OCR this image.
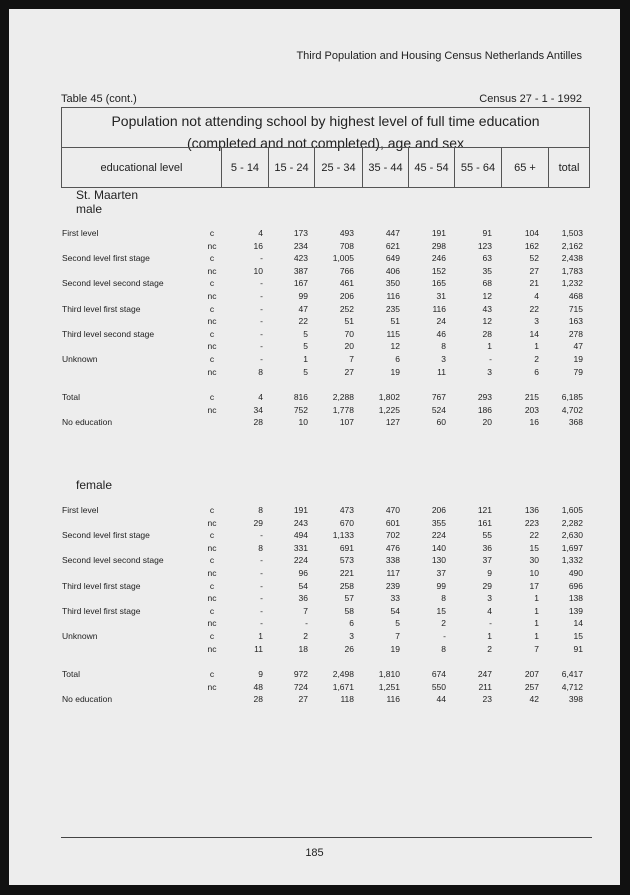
Third Population and Housing Census Netherlands Antilles
Table 45 (cont.)	Census 27 - 1 - 1992
Population not attending school by highest level of full time education
(completed and not completed), age and sex
educational level	5 - 14	15 - 24	25 - 34	35 - 44	45 - 54	55 - 64	65 +	total
St. Maarten
male
female
First level	c	4	173	493	447	191	91	104	1,503
nc	16	234	708	621	298	123	162	2,162
Second level first stage	c	-	423	1,005	649	246	63	52	2,438
nc	10	387	766	406	152	35	27	1,783
Second level second stage	c	-	167	461	350	165	68	21	1,232
nc	-	99	206	116	31	12	4	468
Third level first stage	c	-	47	252	235	116	43	22	715
nc	-	22	51	51	24	12	3	163
Third level second stage	c	-	5	70	115	46	28	14	278
nc	-	5	20	12	8	1	1	47
Unknown	c	-	1	7	6	3	-	2	19
nc	8	5	27	19	11	3	6	79
Total	c	4	816	2,288	1,802	767	293	215	6,185
nc	34	752	1,778	1,225	524	186	203	4,702
No education	28	10	107	127	60	20	16	368
First level	c	8	191	473	470	206	121	136	1,605
nc	29	243	670	601	355	161	223	2,282
Second level first stage	c	-	494	1,133	702	224	55	22	2,630
nc	8	331	691	476	140	36	15	1,697
Second level second stage	c	-	224	573	338	130	37	30	1,332
nc	-	96	221	117	37	9	10	490
Third level first stage	c	-	54	258	239	99	29	17	696
nc	-	36	57	33	8	3	1	138
Third level first stage	c	-	7	58	54	15	4	1	139
nc	-	-	6	5	2	-	1	14
Unknown	c	1	2	3	7	-	1	1	15
nc	11	18	26	19	8	2	7	91
Total	c	9	972	2,498	1,810	674	247	207	6,417
nc	48	724	1,671	1,251	550	211	257	4,712
No education	28	27	118	116	44	23	42	398
185
